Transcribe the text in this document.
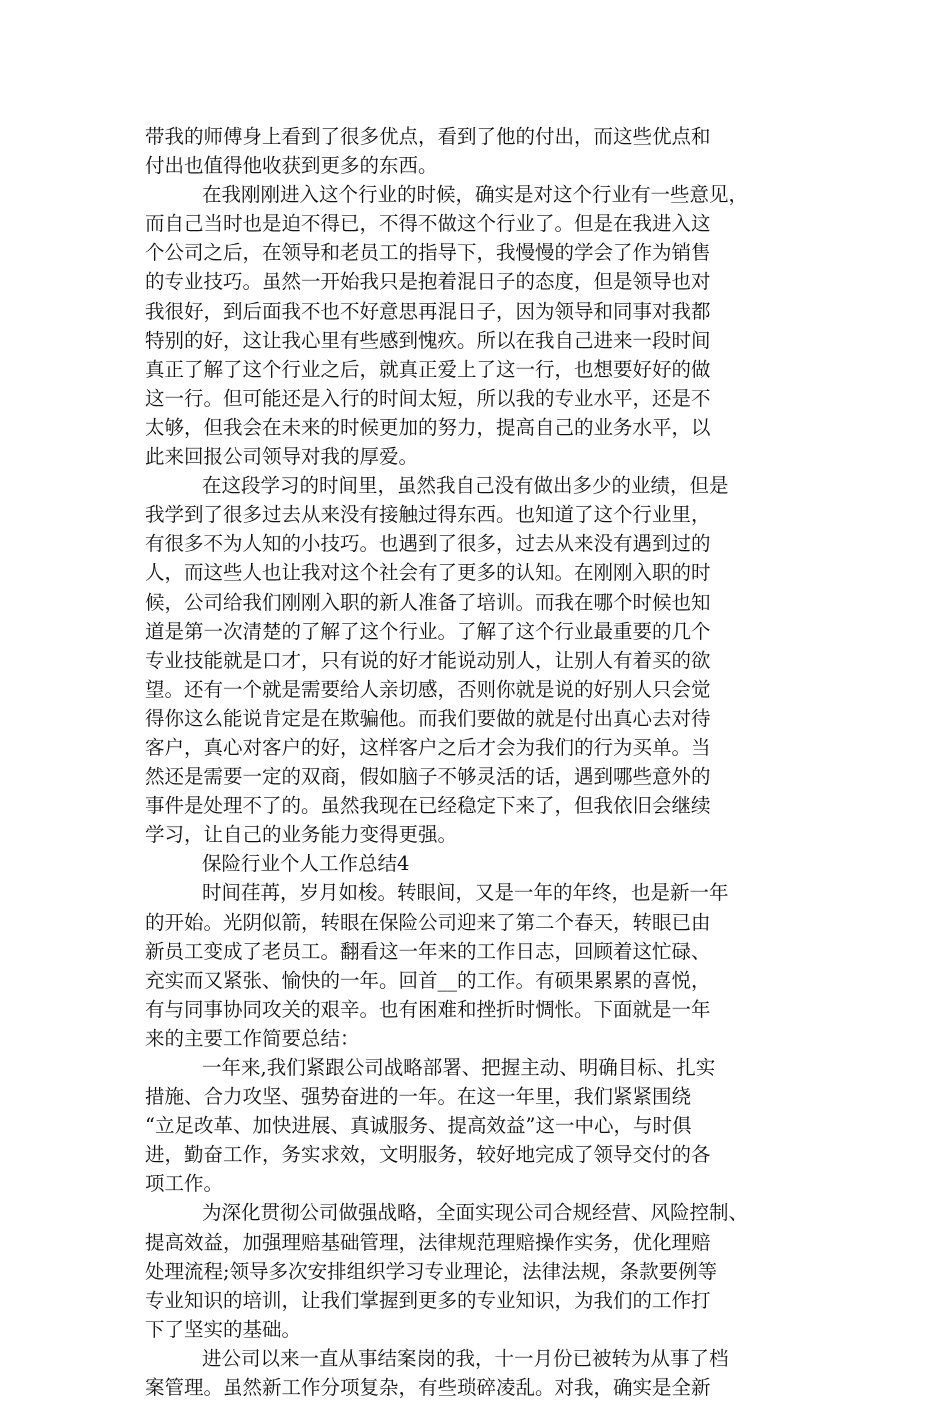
带我的师傅身上看到了很多优点，看到了他的付出，而这些优点和
付出也值得他收获到更多的东西。
在我刚刚进入这个行业的时候，确实是对这个行业有一些意见，
而自己当时也是迫不得已，不得不做这个行业了。但是在我进入这
个公司之后，在领导和老员工的指导下，我慢慢的学会了作为销售
的专业技巧。虽然一开始我只是抱着混日子的态度，但是领导也对
我很好，到后面我不也不好意思再混日子，因为领导和同事对我都
特别的好，这让我心里有些感到愧疚。所以在我自己进来一段时间
真正了解了这个行业之后，就真正爱上了这一行，也想要好好的做
这一行。但可能还是入行的时间太短，所以我的专业水平，还是不
太够，但我会在未来的时候更加的努力，提高自己的业务水平，以
此来回报公司领导对我的厚爱。
在这段学习的时间里，虽然我自己没有做出多少的业绩，但是
我学到了很多过去从来没有接触过得东西。也知道了这个行业里，
有很多不为人知的小技巧。也遇到了很多，过去从来没有遇到过的
人，而这些人也让我对这个社会有了更多的认知。在刚刚入职的时
候，公司给我们刚刚入职的新人准备了培训。而我在哪个时候也知
道是第一次清楚的了解了这个行业。了解了这个行业最重要的几个
专业技能就是口才，只有说的好才能说动别人，让别人有着买的欲
望。还有一个就是需要给人亲切感，否则你就是说的好别人只会觉
得你这么能说肯定是在欺骗他。而我们要做的就是付出真心去对待
客户，真心对客户的好，这样客户之后才会为我们的行为买单。当
然还是需要一定的双商，假如脑子不够灵活的话，遇到哪些意外的
事件是处理不了的。虽然我现在已经稳定下来了，但我依旧会继续
学习，让自己的业务能力变得更强。
保险行业个人工作总结4
时间荏苒，岁月如梭。转眼间，又是一年的年终，也是新一年
的开始。光阴似箭，转眼在保险公司迎来了第二个春天，转眼已由
新员工变成了老员工。翻看这一年来的工作日志，回顾着这忙碌、
充实而又紧张、愉快的一年。回首__的工作。有硕果累累的喜悦，
有与同事协同攻关的艰辛。也有困难和挫折时惆怅。下面就是一年
来的主要工作简要总结：
一年来,我们紧跟公司战略部署、把握主动、明确目标、扎实
措施、合力攻坚、强势奋进的一年。在这一年里，我们紧紧围绕
“立足改革、加快进展、真诚服务、提高效益”这一中心，与时俱
进，勤奋工作，务实求效，文明服务，较好地完成了领导交付的各
项工作。
为深化贯彻公司做强战略，全面实现公司合规经营、风险控制、
提高效益，加强理赔基础管理，法律规范理赔操作实务，优化理赔
处理流程;领导多次安排组织学习专业理论，法律法规，条款要例等
专业知识的培训，让我们掌握到更多的专业知识，为我们的工作打
下了坚实的基础。
进公司以来一直从事结案岗的我，十一月份已被转为从事了档
案管理。虽然新工作分项复杂，有些琐碎凌乱。对我，确实是全新
